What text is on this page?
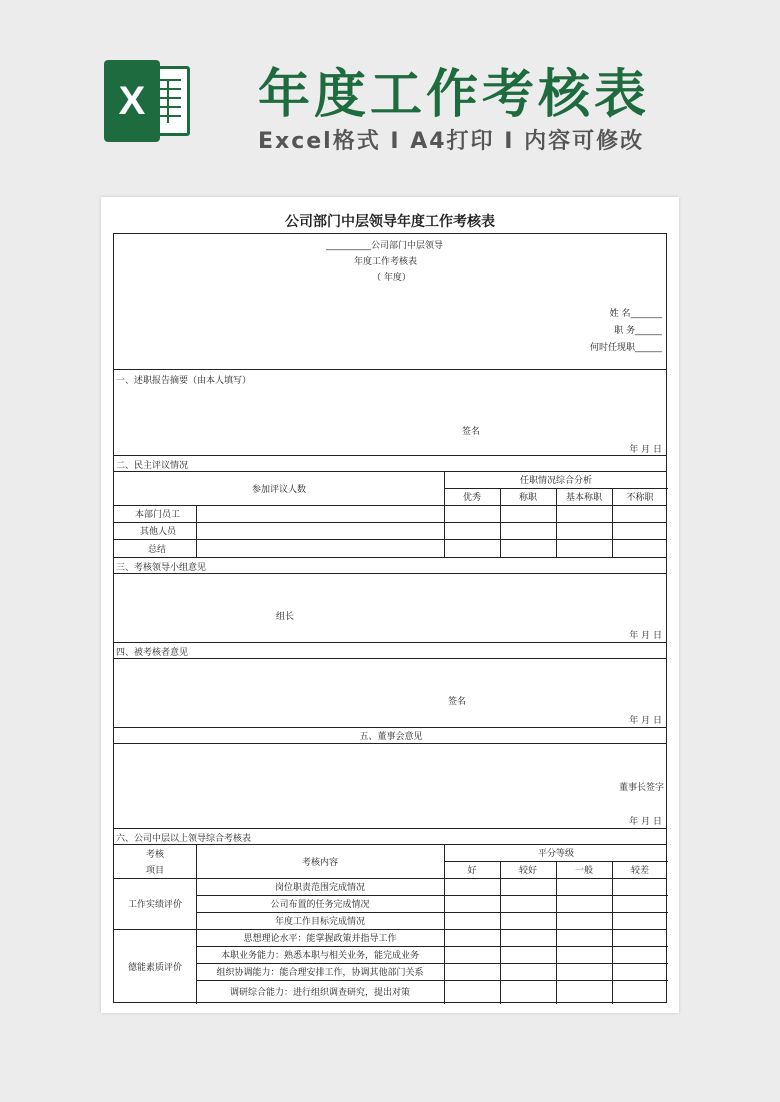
X 年度工作考核表
Excel格式 I A4打印 I 内容可修改
公司部门中层领导年度工作考核表
__________公司部门中层领导
年度工作考核表
（ 年度）
姓 名_______
职 务______
何时任现职______
一、述职报告摘要（由本人填写）
签名
年 月 日
二、民主评议情况
参加评议人数
任职情况综合分析
优秀	称职	基本称职	不称职
本部门员工
其他人员
总结
三、考核领导小组意见
组长
年 月 日
四、被考核者意见
签名
年 月 日
五、董事会意见
董事长签字
年 月 日
六、公司中层以上领导综合考核表
考核
项目
考核内容
平分等级
好	较好	一般	较差
工作实绩评价
岗位职责范围完成情况
公司布置的任务完成情况
年度工作目标完成情况
德能素质评价
思想理论水平：能掌握政策并指导工作
本职业务能力：熟悉本职与相关业务，能完成业务
组织协调能力：能合理安排工作，协调其他部门关系
调研综合能力：进行组织调查研究，提出对策
